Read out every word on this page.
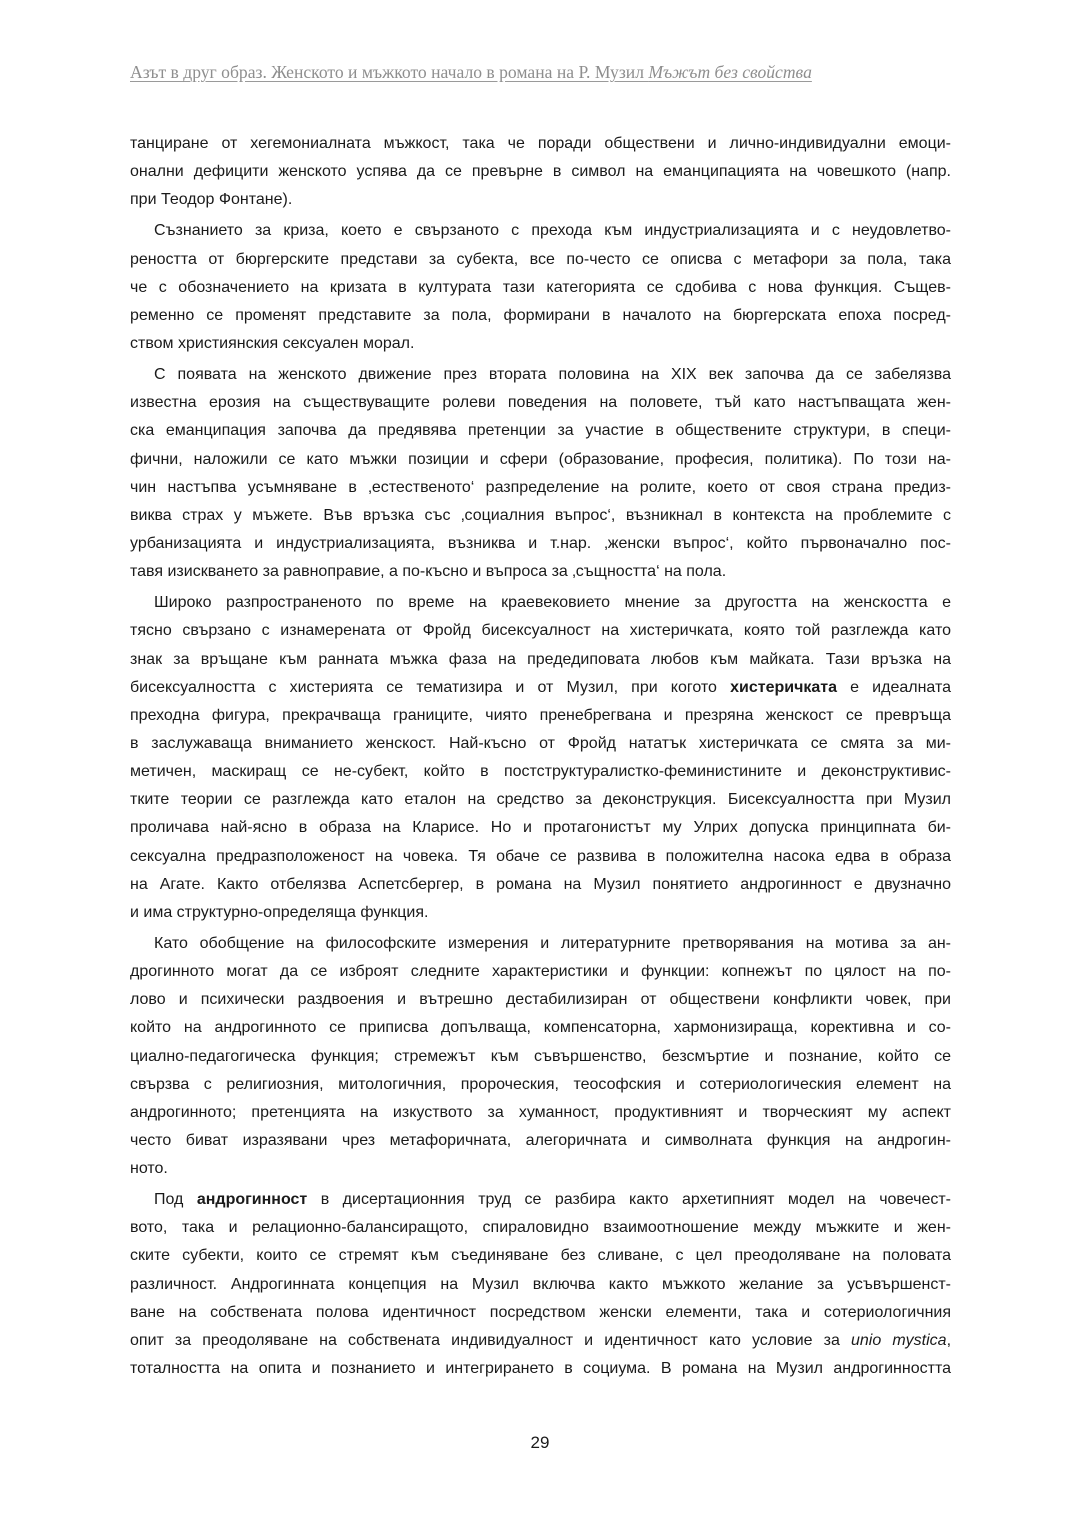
Азът в друг образ. Женското и мъжкото начало в романа на Р. Музил Мъжът без свойства
танциране от хегемониалната мъжкост, така че поради обществени и лично-индивидуални емоци-
онални дефицити женското успява да се превърне в символ на еманципацията на човешкото (напр.
при Теодор Фонтане).
Съзнанието за криза, което е свързаното с прехода към индустриализацията и с неудовлетво-
реността от бюргерските представи за субекта, все по-често се описва с метафори за пола, така
че с обозначението на кризата в културата тази категорията се сдобива с нова функция. Същев-
ременно се променят представите за пола, формирани в началото на бюргерската епоха посред-
ством християнския сексуален морал.
С появата на женското движение през втората половина на XIX век започва да се забелязва
известна ерозия на съществуващите ролеви поведения на половете, тъй като настъпващата жен-
ска еманципация започва да предявява претенции за участие в обществените структури, в специ-
фични, наложили се като мъжки позиции и сфери (образование, професия, политика). По този на-
чин настъпва усъмняване в ‚естественото‘ разпределение на ролите, което от своя страна предиз-
виква страх у мъжете. Във връзка със ‚социалния въпрос‘, възникнал в контекста на проблемите с
урбанизацията и индустриализацията, възниква и т.нар. ‚женски въпрос‘, който първоначално пос-
тавя изискването за равноправие, а по-късно и въпроса за ‚същността‘ на пола.
Широко разпространеното по време на краевековието мнение за другостта на женскостта е
тясно свързано с изнамерената от Фройд бисексуалност на хистеричката, която той разглежда като
знак за връщане към ранната мъжка фаза на предедиповата любов към майката. Тази връзка на
бисексуалността с хистерията се тематизира и от Музил, при когото хистеричката е идеалната
преходна фигура, прекрачваща границите, чиято пренебрегвана и презряна женскост се превръща
в заслужаваща вниманието женскост. Най-късно от Фройд нататък хистеричката се смята за ми-
метичен, маскиращ се не-субект, който в постструктуралистко-феминистините и деконструктивис-
тките теории се разглежда като еталон на средство за деконструкция. Бисексуалността при Музил
проличава най-ясно в образа на Кларисе. Но и протагонистът му Улрих допуска принципната би-
сексуална предразположеност на човека. Тя обаче се развива в положителна насока едва в образа
на Агате. Както отбелязва Аспетсбергер, в романа на Музил понятието андрогинност е двузначно
и има структурно-определяща функция.
Като обобщение на философските измерения и литературните претворявания на мотива за ан-
дрогинното могат да се изброят следните характеристики и функции: копнежът по цялост на по-
лово и психически раздвоения и вътрешно дестабилизиран от обществени конфликти човек, при
който на андрогинното се приписва допълваща, компенсаторна, хармонизираща, корективна и со-
циално-педагогическа функция; стремежът към съвършенство, безсмъртие и познание, който се
свързва с религиозния, митологичния, пророческия, теософския и сотериологическия елемент на
андрогинното; претенцията на изкуството за хуманност, продуктивният и творческият му аспект
често биват изразявани чрез метафоричната, алегоричната и символната функция на андрогин-
ното.
Под андрогинност в дисертационния труд се разбира както архетипният модел на човечест-
вото, така и релационно-балансиращото, спираловидно взаимоотношение между мъжките и жен-
ските субекти, които се стремят към съединяване без сливане, с цел преодоляване на половата
различност. Андрогинната концепция на Музил включва както мъжкото желание за усъвършенст-
ване на собствената полова идентичност посредством женски елементи, така и сотериологичния
опит за преодоляване на собствената индивидуалност и идентичност като условие за unio mystica,
тоталността на опита и познанието и интегрирането в социума. В романа на Музил андрогинността
29
